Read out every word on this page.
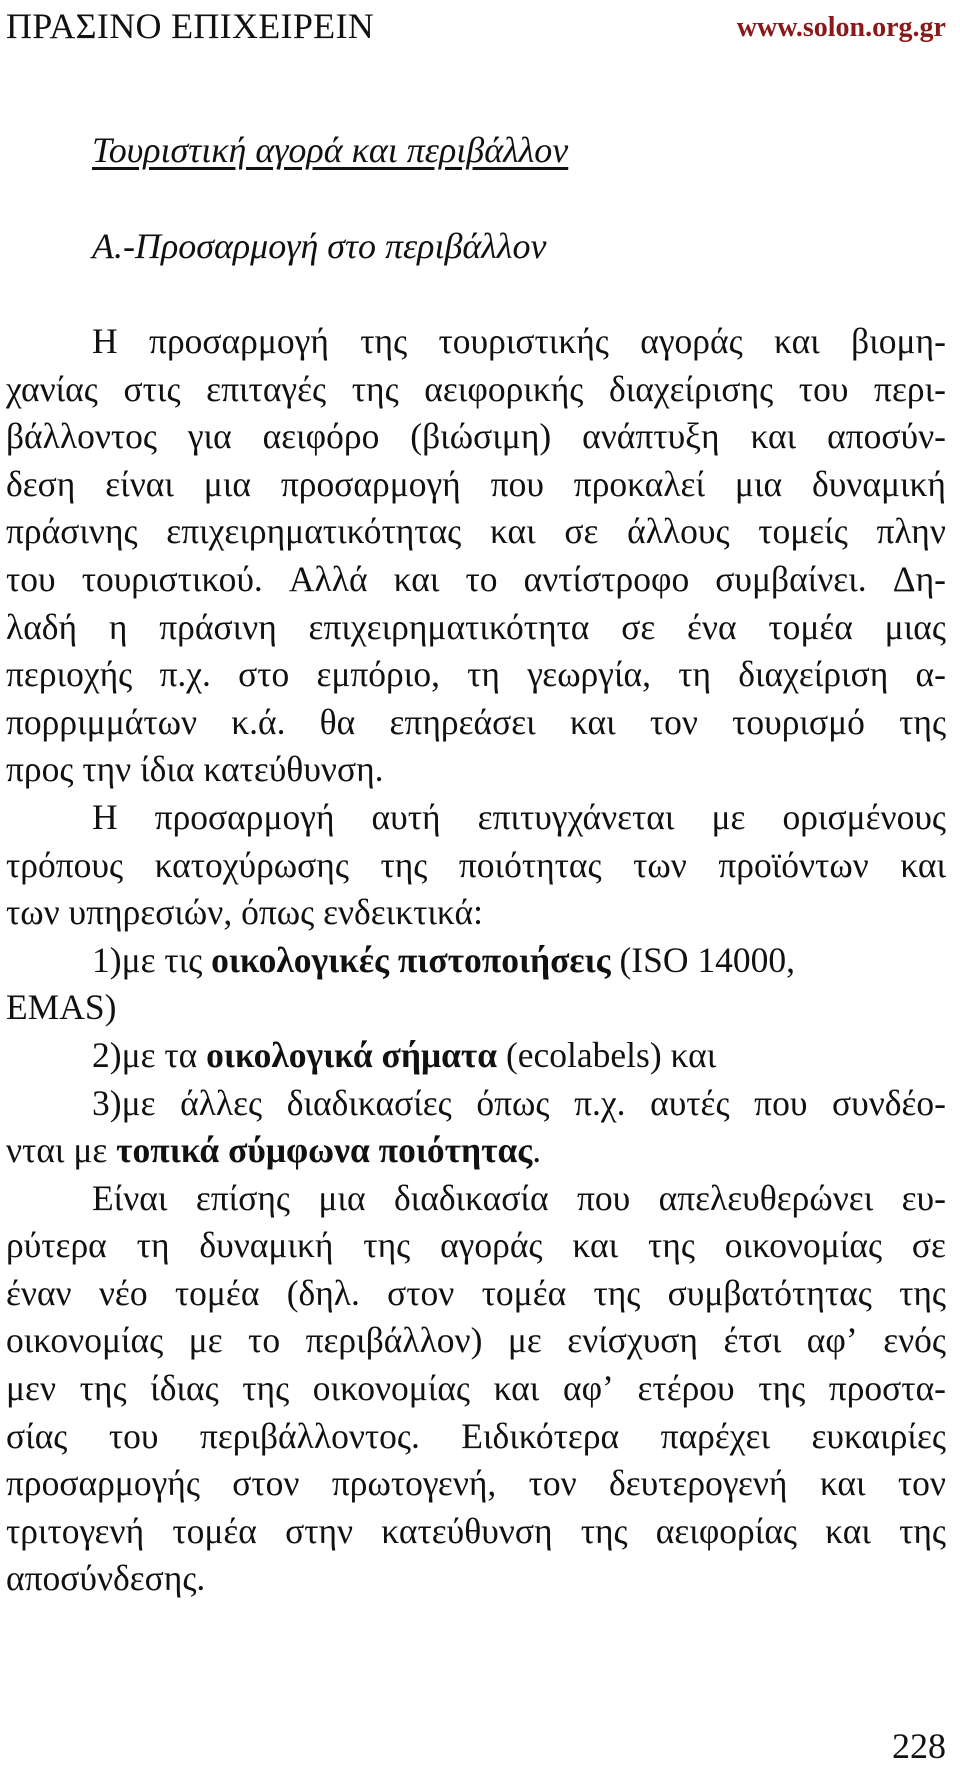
ΠΡΑΣΙΝΟ ΕΠΙΧΕΙΡΕΙΝ	www.solon.org.gr
Τουριστική αγορά και περιβάλλον
Α.-Προσαρμογή στο περιβάλλον
Η προσαρμογή της τουριστικής αγοράς και βιομη-
χανίας στις επιταγές της αειφορικής διαχείρισης του περι-
βάλλοντος για αειφόρο (βιώσιμη) ανάπτυξη και αποσύν-
δεση είναι μια προσαρμογή που προκαλεί μια δυναμική
πράσινης επιχειρηματικότητας και σε άλλους τομείς πλην
του τουριστικού. Αλλά και το αντίστροφο συμβαίνει. Δη-
λαδή η πράσινη επιχειρηματικότητα σε ένα τομέα μιας
περιοχής π.χ. στο εμπόριο, τη γεωργία, τη διαχείριση α-
πορριμμάτων κ.ά. θα επηρεάσει και τον τουρισμό της
προς την ίδια κατεύθυνση.
Η προσαρμογή αυτή επιτυγχάνεται με ορισμένους
τρόπους κατοχύρωσης της ποιότητας των προϊόντων και
των υπηρεσιών, όπως ενδεικτικά:
1)με τις οικολογικές πιστοποιήσεις (ISO 14000,
EMAS)
2)με τα οικολογικά σήματα (ecolabels) και
3)με άλλες διαδικασίες όπως π.χ. αυτές που συνδέο-
νται με τοπικά σύμφωνα ποιότητας.
Είναι επίσης μια διαδικασία που απελευθερώνει ευ-
ρύτερα τη δυναμική της αγοράς και της οικονομίας σε
έναν νέο τομέα (δηλ. στον τομέα της συμβατότητας της
οικονομίας με το περιβάλλον) με ενίσχυση έτσι αφ’ ενός
μεν της ίδιας της οικονομίας και αφ’ ετέρου της προστα-
σίας του περιβάλλοντος. Ειδικότερα παρέχει ευκαιρίες
προσαρμογής στον πρωτογενή, τον δευτερογενή και τον
τριτογενή τομέα στην κατεύθυνση της αειφορίας και της
αποσύνδεσης.
228
